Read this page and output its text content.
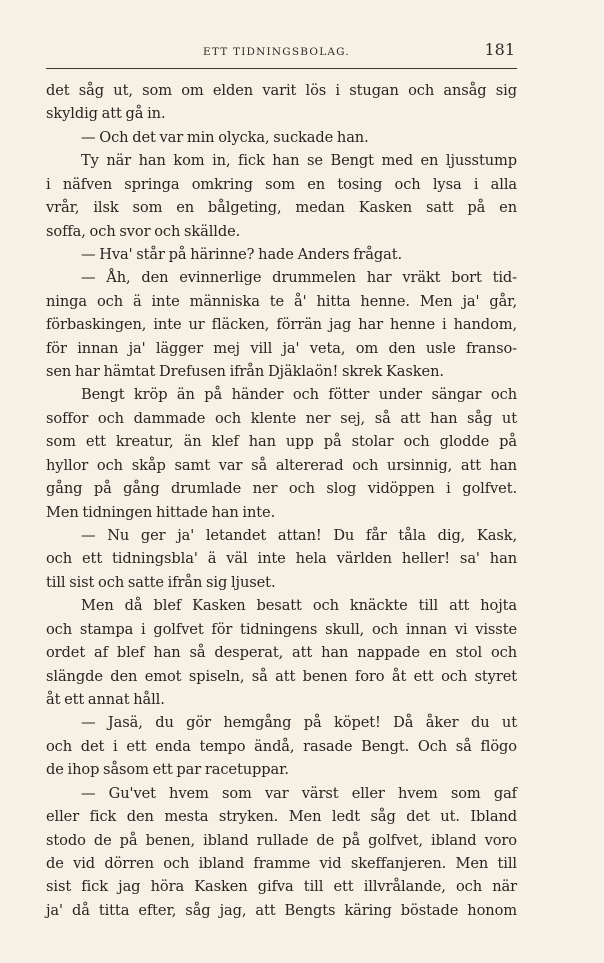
ETT TIDNINGSBOLAG.	181
det såg ut, som om elden varit lös i stugan och ansåg sig
skyldig att gå in.
— Och det var min olycka, suckade han.
Ty när han kom in, fick han se Bengt med en ljusstump
i näfven springa omkring som en tosing och lysa i alla
vrår, ilsk som en bålgeting, medan Kasken satt på en
soffa, och svor och skällde.
— Hva' står på härinne? hade Anders frågat.
— Åh, den evinnerlige drummelen har vräkt bort tid-
ninga och ä inte människa te å' hitta henne. Men ja' går,
förbaskingen, inte ur fläcken, förrän jag har henne i handom,
för innan ja' lägger mej vill ja' veta, om den usle franso-
sen har hämtat Drefusen ifrån Djäklaön! skrek Kasken.
Bengt kröp än på händer och fötter under sängar och
soffor och dammade och klente ner sej, så att han såg ut
som ett kreatur, än klef han upp på stolar och glodde på
hyllor och skåp samt var så altererad och ursinnig, att han
gång på gång drumlade ner och slog vidöppen i golfvet.
Men tidningen hittade han inte.
— Nu ger ja' letandet attan! Du får tåla dig, Kask,
och ett tidningsbla' ä väl inte hela världen heller! sa' han
till sist och satte ifrån sig ljuset.
Men då blef Kasken besatt och knäckte till att hojta
och stampa i golfvet för tidningens skull, och innan vi visste
ordet af blef han så desperat, att han nappade en stol och
slängde den emot spiseln, så att benen foro åt ett och styret
åt ett annat håll.
— Jasä, du gör hemgång på köpet! Då åker du ut
och det i ett enda tempo ändå, rasade Bengt. Och så flögo
de ihop såsom ett par racetuppar.
— Gu'vet hvem som var värst eller hvem som gaf
eller fick den mesta stryken. Men ledt såg det ut. Ibland
stodo de på benen, ibland rullade de på golfvet, ibland voro
de vid dörren och ibland framme vid skeffanjeren. Men till
sist fick jag höra Kasken gifva till ett illvrålande, och när
ja' då titta efter, såg jag, att Bengts käring böstade honom
